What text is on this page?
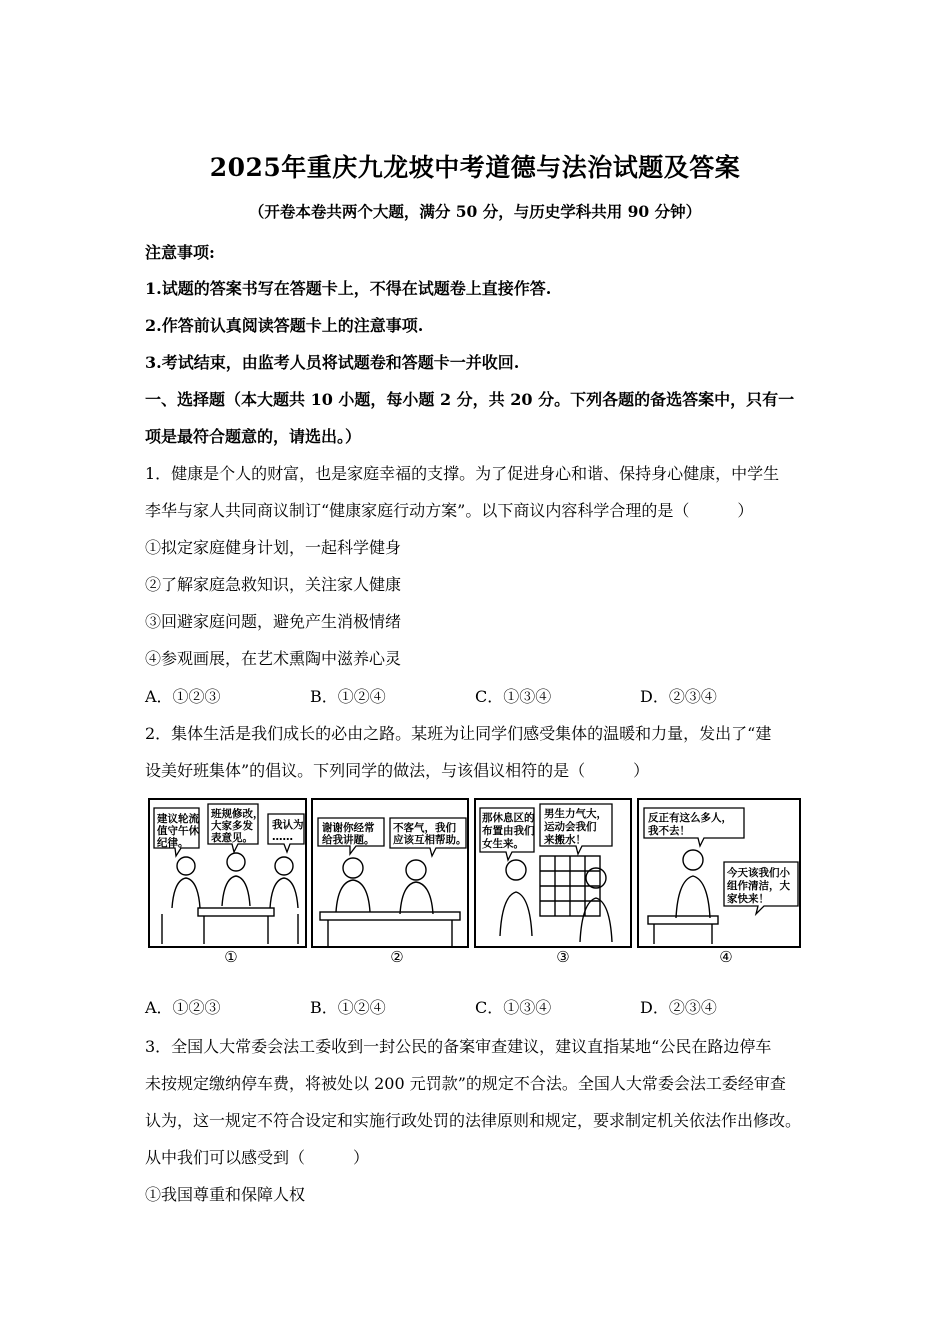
2025年重庆九龙坡中考道德与法治试题及答案
（开卷本卷共两个大题，满分 50 分，与历史学科共用 90 分钟）
注意事项:
1.试题的答案书写在答题卡上，不得在试题卷上直接作答.
2.作答前认真阅读答题卡上的注意事项.
3.考试结束，由监考人员将试题卷和答题卡一并收回.
一、选择题（本大题共 10 小题，每小题 2 分，共 20 分。下列各题的备选答案中，只有一
项是最符合题意的，请选出。）
1．健康是个人的财富，也是家庭幸福的支撑。为了促进身心和谐、保持身心健康，中学生
李华与家人共同商议制订“健康家庭行动方案”。以下商议内容科学合理的是（　　　）
①拟定家庭健身计划，一起科学健身
②了解家庭急救知识，关注家人健康
③回避家庭问题，避免产生消极情绪
④参观画展，在艺术熏陶中滋养心灵
A．①②③	B．①②④	C．①③④	D．②③④
2．集体生活是我们成长的必由之路。某班为让同学们感受集体的温暖和力量，发出了“建
设美好班集体”的倡议。下列同学的做法，与该倡议相符的是（　　　）
建议轮流
值守午休
纪律。
班规修改，
大家多发
表意见。
我认为
……
谢谢你经常
给我讲题。
不客气，我们
应该互相帮助。
那休息区的
布置由我们
女生来。
男生力气大，
运动会我们
来搬水！
反正有这么多人，
我不去！
今天该我们小
组作清洁，大
家快来！
①	②	③	④
A．①②③	B．①②④	C．①③④	D．②③④
3．全国人大常委会法工委收到一封公民的备案审查建议，建议直指某地“公民在路边停车
未按规定缴纳停车费，将被处以 200 元罚款”的规定不合法。全国人大常委会法工委经审查
认为，这一规定不符合设定和实施行政处罚的法律原则和规定，要求制定机关依法作出修改。
从中我们可以感受到（　　　）
①我国尊重和保障人权
